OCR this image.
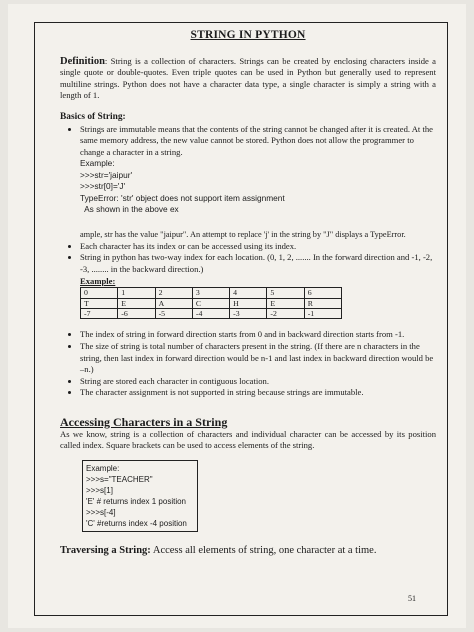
STRING IN PYTHON

Definition: String is a collection of characters. Strings can be created by enclosing characters inside a single quote or double-quotes. Even triple quotes can be used in Python but generally used to represent multiline strings. Python does not have a character data type, a single character is simply a string with a length of 1.

Basics of String:
• Strings are immutable means that the contents of the string cannot be changed after it is created. At the same memory address, the new value cannot be stored. Python does not allow the programmer to change a character in a string.
Example:
>>>str='jaipur'
>>>str[0]='J'
TypeError: 'str' object does not support item assignment
As shown in the above ex

ample, str has the value "jaipur". An attempt to replace 'j' in the string by "J" displays a TypeError.

• Each character has its index or can be accessed using its index.
• String in python has two-way index for each location. (0, 1, 2, ....... In the forward direction and -1, -2, -3, ........ in the backward direction.)
Example:
0	1	2	3	4	5	6
T	E	A	C	H	E	R
-7	-6	-5	-4	-3	-2	-1
• The index of string in forward direction starts from 0 and in backward direction starts from -1.
• The size of string is total number of characters present in the string. (If there are n characters in the string, then last index in forward direction would be n-1 and last index in backward direction would be –n.)
• String are stored each character in contiguous location.
• The character assignment is not supported in string because strings are immutable.
Accessing Characters in a String

As we know, string is a collection of characters and individual character can be accessed by its position called index. Square brackets can be used to access elements of the string.

Example:
>>>s="TEACHER"
>>>s[1]
'E' # returns index 1 position
>>>s[-4]
'C' #returns index -4 position

Traversing a String: Access all elements of string, one character at a time.

51
